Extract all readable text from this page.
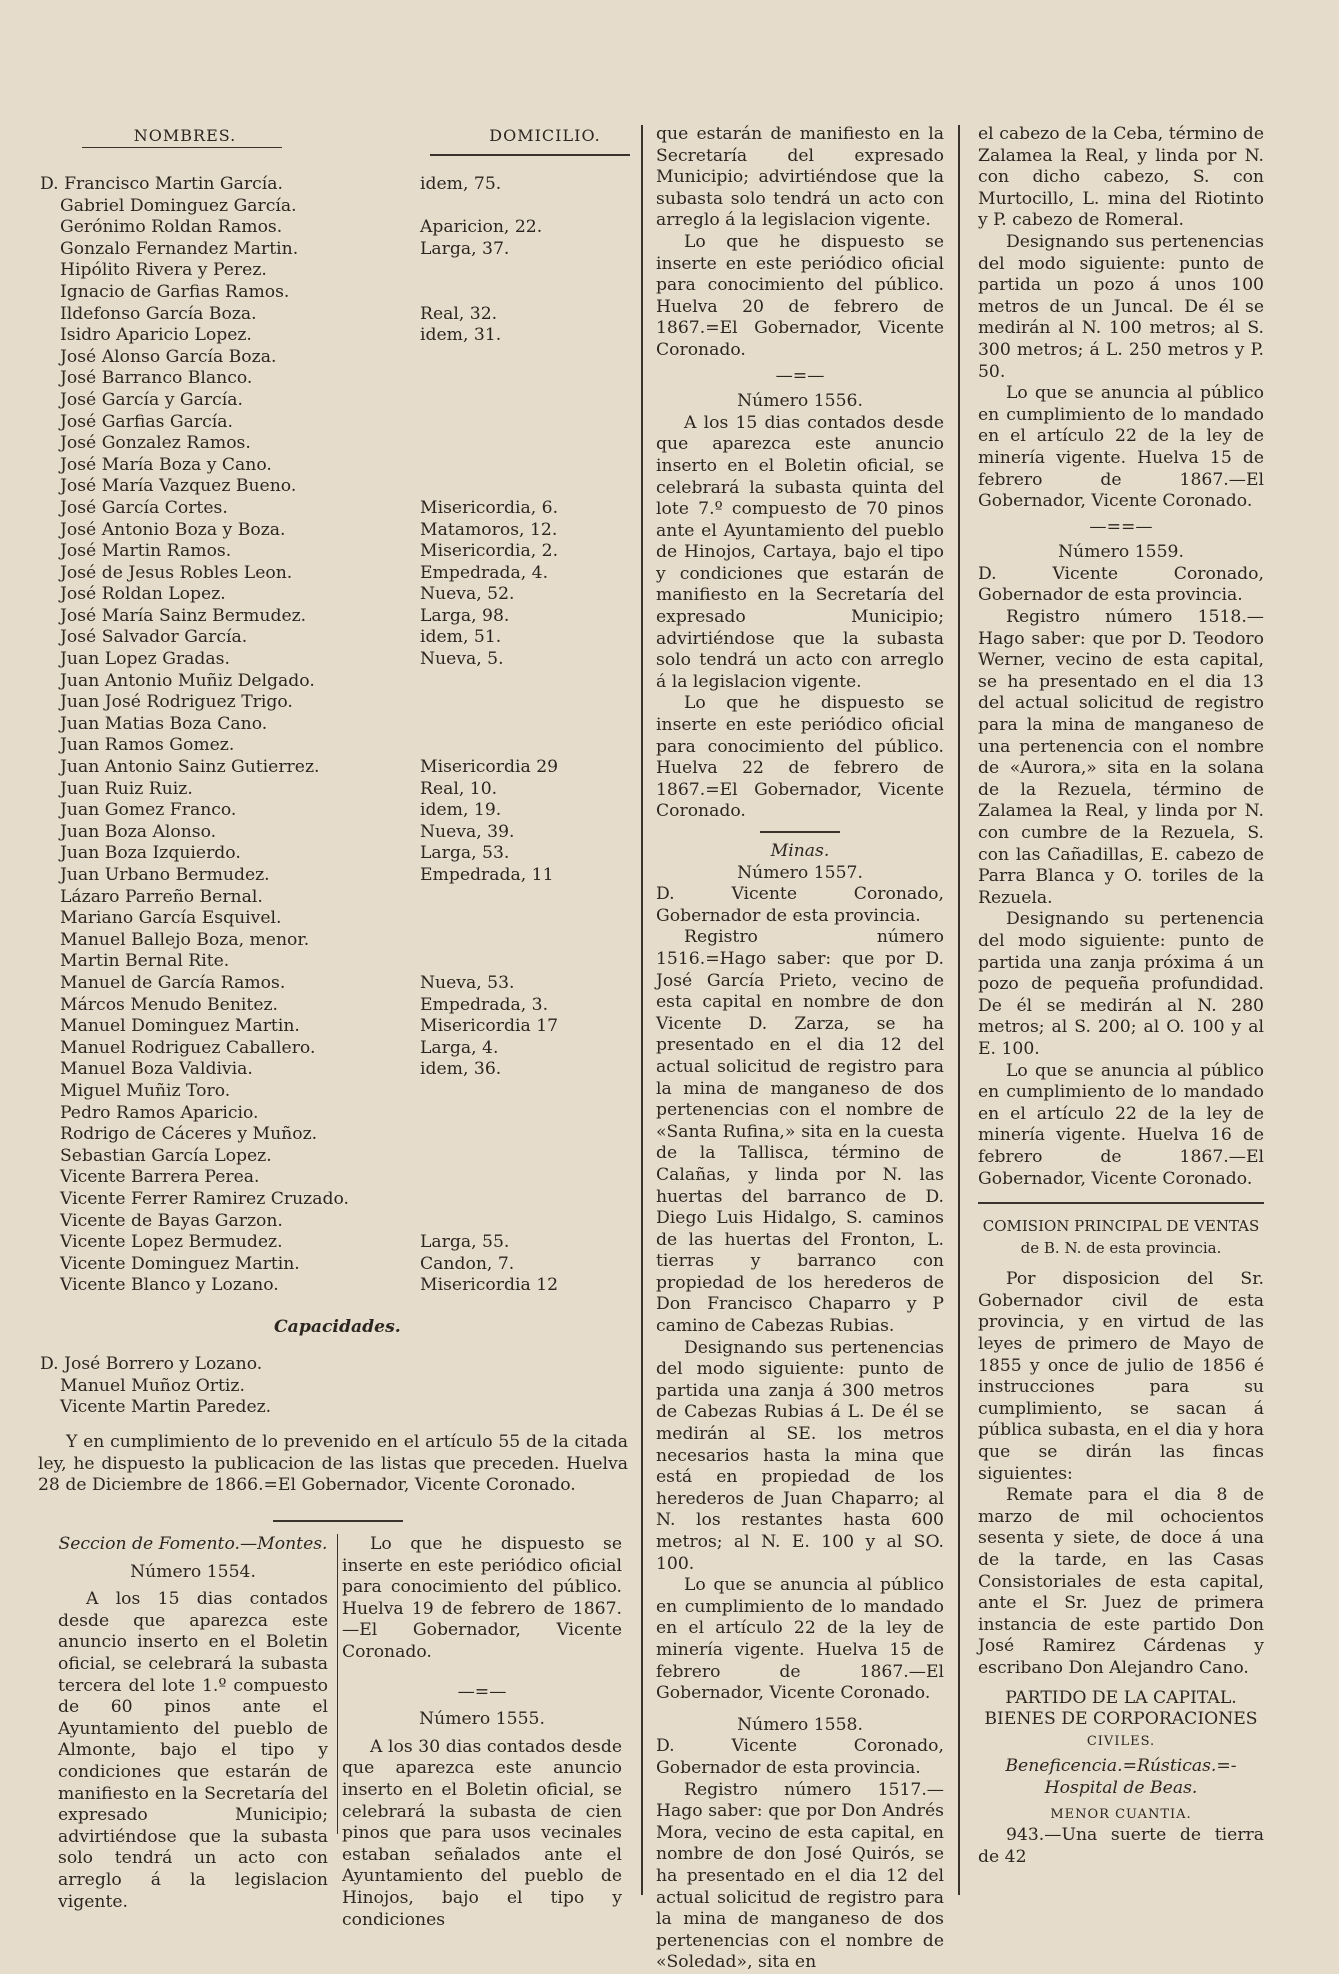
NOMBRES.	DOMICILIO.
D. Francisco Martin García.	idem, 75.
Gabriel Dominguez García.
Gerónimo Roldan Ramos.	Aparicion, 22.
Gonzalo Fernandez Martin.	Larga, 37.
Hipólito Rivera y Perez.
Ignacio de Garfias Ramos.
Ildefonso García Boza.	Real, 32.
Isidro Aparicio Lopez.	idem, 31.
José Alonso García Boza.
José Barranco Blanco.
José García y García.
José Garfias García.
José Gonzalez Ramos.
José María Boza y Cano.
José María Vazquez Bueno.
José García Cortes.	Misericordia, 6.
José Antonio Boza y Boza.	Matamoros, 12.
José Martin Ramos.	Misericordia, 2.
José de Jesus Robles Leon.	Empedrada, 4.
José Roldan Lopez.	Nueva, 52.
José María Sainz Bermudez.	Larga, 98.
José Salvador García.	idem, 51.
Juan Lopez Gradas.	Nueva, 5.
Juan Antonio Muñiz Delgado.
Juan José Rodriguez Trigo.
Juan Matias Boza Cano.
Juan Ramos Gomez.
Juan Antonio Sainz Gutierrez.	Misericordia 29
Juan Ruiz Ruiz.	Real, 10.
Juan Gomez Franco.	idem, 19.
Juan Boza Alonso.	Nueva, 39.
Juan Boza Izquierdo.	Larga, 53.
Juan Urbano Bermudez.	Empedrada, 11
Lázaro Parreño Bernal.
Mariano García Esquivel.
Manuel Ballejo Boza, menor.
Martin Bernal Rite.
Manuel de García Ramos.	Nueva, 53.
Márcos Menudo Benitez.	Empedrada, 3.
Manuel Dominguez Martin.	Misericordia 17
Manuel Rodriguez Caballero.	Larga, 4.
Manuel Boza Valdivia.	idem, 36.
Miguel Muñiz Toro.
Pedro Ramos Aparicio.
Rodrigo de Cáceres y Muñoz.
Sebastian García Lopez.
Vicente Barrera Perea.
Vicente Ferrer Ramirez Cruzado.
Vicente de Bayas Garzon.
Vicente Lopez Bermudez.	Larga, 55.
Vicente Dominguez Martin.	Candon, 7.
Vicente Blanco y Lozano.	Misericordia 12
Capacidades.
D. José Borrero y Lozano.
Manuel Muñoz Ortiz.
Vicente Martin Paredez.

Y en cumplimiento de lo prevenido en el artículo 55 de la citada ley, he dispuesto la publicacion de las listas que preceden. Huelva 28 de Diciembre de 1866.=El Gobernador, Vicente Coronado.

Seccion de Fomento.—Montes.

Número 1554.

A los 15 dias contados desde que aparezca este anuncio inserto en el Boletin oficial, se celebrará la subasta tercera del lote 1.º compuesto de 60 pinos ante el Ayuntamiento del pueblo de Almonte, bajo el tipo y condiciones que estarán de manifiesto en la Secretaría del expresado Municipio; advirtiéndose que la subasta solo tendrá un acto con arreglo á la legislacion vigente.

Lo que he dispuesto se inserte en este periódico oficial para conocimiento del público. Huelva 19 de febrero de 1867.—El Gobernador, Vicente Coronado.

—=—

Número 1555.

A los 30 dias contados desde que aparezca este anuncio inserto en el Boletin oficial, se celebrará la subasta de cien pinos que para usos vecinales estaban señalados ante el Ayuntamiento del pueblo de Hinojos, bajo el tipo y condiciones

que estarán de manifiesto en la Secretaría del expresado Municipio; advirtiéndose que la subasta solo tendrá un acto con arreglo á la legislacion vigente.

Lo que he dispuesto se inserte en este periódico oficial para conocimiento del público. Huelva 20 de febrero de 1867.=El Gobernador, Vicente Coronado.

—=—

Número 1556.

A los 15 dias contados desde que aparezca este anuncio inserto en el Boletin oficial, se celebrará la subasta quinta del lote 7.º compuesto de 70 pinos ante el Ayuntamiento del pueblo de Hinojos, Cartaya, bajo el tipo y condiciones que estarán de manifiesto en la Secretaría del expresado Municipio; advirtiéndose que la subasta solo tendrá un acto con arreglo á la legislacion vigente.

Lo que he dispuesto se inserte en este periódico oficial para conocimiento del público. Huelva 22 de febrero de 1867.=El Gobernador, Vicente Coronado.

Minas.

Número 1557.

D. Vicente Coronado, Gobernador de esta provincia.

Registro número 1516.=Hago saber: que por D. José García Prieto, vecino de esta capital en nombre de don Vicente D. Zarza, se ha presentado en el dia 12 del actual solicitud de registro para la mina de manganeso de dos pertenencias con el nombre de «Santa Rufina,» sita en la cuesta de la Tallisca, término de Calañas, y linda por N. las huertas del barranco de D. Diego Luis Hidalgo, S. caminos de las huertas del Fronton, L. tierras y barranco con propiedad de los herederos de Don Francisco Chaparro y P camino de Cabezas Rubias.

Designando sus pertenencias del modo siguiente: punto de partida una zanja á 300 metros de Cabezas Rubias á L. De él se medirán al SE. los metros necesarios hasta la mina que está en propiedad de los herederos de Juan Chaparro; al N. los restantes hasta 600 metros; al N. E. 100 y al SO. 100.

Lo que se anuncia al público en cumplimiento de lo mandado en el artículo 22 de la ley de minería vigente. Huelva 15 de febrero de 1867.—El Gobernador, Vicente Coronado.

Número 1558.

D. Vicente Coronado, Gobernador de esta provincia.

Registro número 1517.—Hago saber: que por Don Andrés Mora, vecino de esta capital, en nombre de don José Quirós, se ha presentado en el dia 12 del actual solicitud de registro para la mina de manganeso de dos pertenencias con el nombre de «Soledad», sita en

el cabezo de la Ceba, término de Zalamea la Real, y linda por N. con dicho cabezo, S. con Murtocillo, L. mina del Riotinto y P. cabezo de Romeral.

Designando sus pertenencias del modo siguiente: punto de partida un pozo á unos 100 metros de un Juncal. De él se medirán al N. 100 metros; al S. 300 metros; á L. 250 metros y P. 50.

Lo que se anuncia al público en cumplimiento de lo mandado en el artículo 22 de la ley de minería vigente. Huelva 15 de febrero de 1867.—El Gobernador, Vicente Coronado.

—==—

Número 1559.

D. Vicente Coronado, Gobernador de esta provincia.

Registro número 1518.—Hago saber: que por D. Teodoro Werner, vecino de esta capital, se ha presentado en el dia 13 del actual solicitud de registro para la mina de manganeso de una pertenencia con el nombre de «Aurora,» sita en la solana de la Rezuela, término de Zalamea la Real, y linda por N. con cumbre de la Rezuela, S. con las Cañadillas, E. cabezo de Parra Blanca y O. toriles de la Rezuela.

Designando su pertenencia del modo siguiente: punto de partida una zanja próxima á un pozo de pequeña profundidad. De él se medirán al N. 280 metros; al S. 200; al O. 100 y al E. 100.

Lo que se anuncia al público en cumplimiento de lo mandado en el artículo 22 de la ley de minería vigente. Huelva 16 de febrero de 1867.—El Gobernador, Vicente Coronado.

COMISION PRINCIPAL DE VENTAS de B. N. de esta provincia.

Por disposicion del Sr. Gobernador civil de esta provincia, y en virtud de las leyes de primero de Mayo de 1855 y once de julio de 1856 é instrucciones para su cumplimiento, se sacan á pública subasta, en el dia y hora que se dirán las fincas siguientes:

Remate para el dia 8 de marzo de mil ochocientos sesenta y siete, de doce á una de la tarde, en las Casas Consistoriales de esta capital, ante el Sr. Juez de primera instancia de este partido Don José Ramirez Cárdenas y escribano Don Alejandro Cano.

PARTIDO DE LA CAPITAL.

BIENES DE CORPORACIONES

CIVILES.

Beneficencia.=Rústicas.=-Hospital de Beas.

MENOR CUANTIA.

943.—Una suerte de tierra de 42
